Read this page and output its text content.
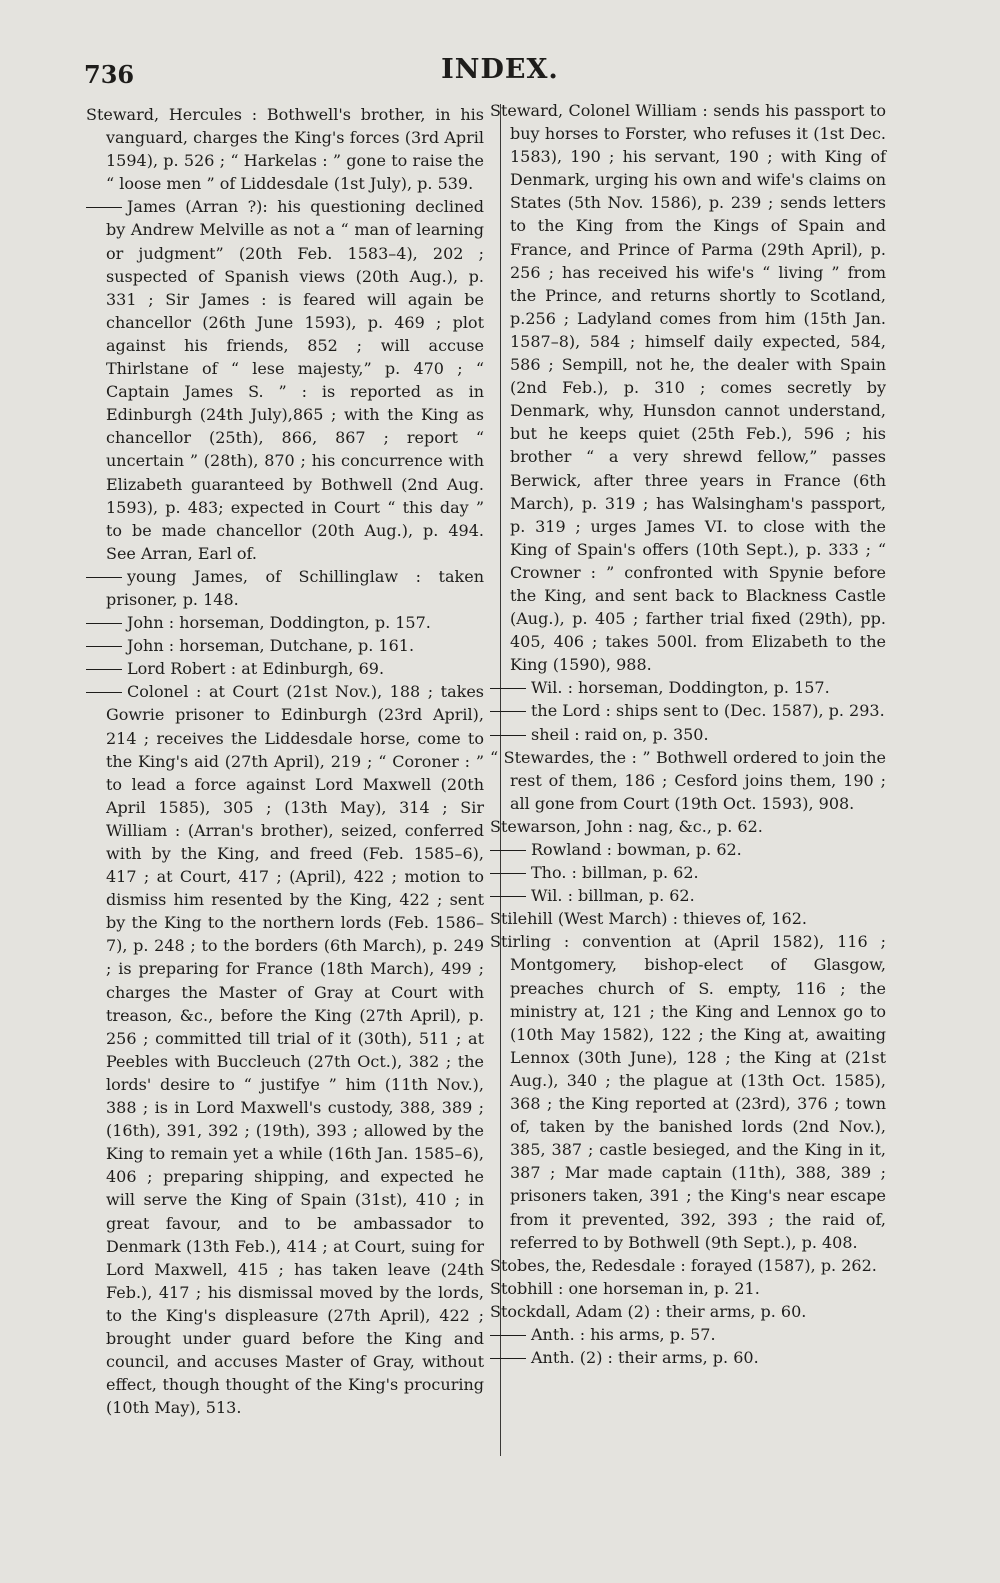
736	INDEX.

Steward, Hercules : Bothwell's brother, in his vanguard, charges the King's forces (3rd April 1594), p. 526 ; “ Harkelas : ” gone to raise the “ loose men ” of Liddesdale (1st July), p. 539.

James (Arran ?): his questioning declined by Andrew Melville as not a “ man of learning or judgment” (20th Feb. 1583–4), 202 ; suspected of Spanish views (20th Aug.), p. 331 ; Sir James : is feared will again be chancellor (26th June 1593), p. 469 ; plot against his friends, 852 ; will accuse Thirlstane of “ lese majesty,” p. 470 ; “ Captain James S. ” : is reported as in Edinburgh (24th July),865 ; with the King as chancellor (25th), 866, 867 ; report “ uncertain ” (28th), 870 ; his concurrence with Elizabeth guaranteed by Bothwell (2nd Aug. 1593), p. 483; expected in Court “ this day ” to be made chancellor (20th Aug.), p. 494. See Arran, Earl of.

young James, of Schillinglaw : taken prisoner, p. 148.

John : horseman, Doddington, p. 157.

John : horseman, Dutchane, p. 161.

Lord Robert : at Edinburgh, 69.

Colonel : at Court (21st Nov.), 188 ; takes Gowrie prisoner to Edinburgh (23rd April), 214 ; receives the Liddesdale horse, come to the King's aid (27th April), 219 ; “ Coroner : ” to lead a force against Lord Maxwell (20th April 1585), 305 ; (13th May), 314 ; Sir William : (Arran's brother), seized, conferred with by the King, and freed (Feb. 1585–6), 417 ; at Court, 417 ; (April), 422 ; motion to dismiss him resented by the King, 422 ; sent by the King to the northern lords (Feb. 1586–7), p. 248 ; to the borders (6th March), p. 249 ; is preparing for France (18th March), 499 ; charges the Master of Gray at Court with treason, &c., before the King (27th April), p. 256 ; committed till trial of it (30th), 511 ; at Peebles with Buccleuch (27th Oct.), 382 ; the lords' desire to “ justifye ” him (11th Nov.), 388 ; is in Lord Maxwell's custody, 388, 389 ; (16th), 391, 392 ; (19th), 393 ; allowed by the King to remain yet a while (16th Jan. 1585–6), 406 ; preparing shipping, and expected he will serve the King of Spain (31st), 410 ; in great favour, and to be ambassador to Denmark (13th Feb.), 414 ; at Court, suing for Lord Maxwell, 415 ; has taken leave (24th Feb.), 417 ; his dismissal moved by the lords, to the King's displeasure (27th April), 422 ; brought under guard before the King and council, and accuses Master of Gray, without effect, though thought of the King's procuring (10th May), 513.

Steward, Colonel William : sends his passport to buy horses to Forster, who refuses it (1st Dec. 1583), 190 ; his servant, 190 ; with King of Denmark, urging his own and wife's claims on States (5th Nov. 1586), p. 239 ; sends letters to the King from the Kings of Spain and France, and Prince of Parma (29th April), p. 256 ; has received his wife's “ living ” from the Prince, and returns shortly to Scotland, p.256 ; Ladyland comes from him (15th Jan. 1587–8), 584 ; himself daily expected, 584, 586 ; Sempill, not he, the dealer with Spain (2nd Feb.), p. 310 ; comes secretly by Denmark, why, Hunsdon cannot understand, but he keeps quiet (25th Feb.), 596 ; his brother “ a very shrewd fellow,” passes Berwick, after three years in France (6th March), p. 319 ; has Walsingham's passport, p. 319 ; urges James VI. to close with the King of Spain's offers (10th Sept.), p. 333 ; “ Crowner : ” confronted with Spynie before the King, and sent back to Blackness Castle (Aug.), p. 405 ; farther trial fixed (29th), pp. 405, 406 ; takes 500l. from Elizabeth to the King (1590), 988.

Wil. : horseman, Doddington, p. 157.

the Lord : ships sent to (Dec. 1587), p. 293.

sheil : raid on, p. 350.

“ Stewardes, the : ” Bothwell ordered to join the rest of them, 186 ; Cesford joins them, 190 ; all gone from Court (19th Oct. 1593), 908.

Stewarson, John : nag, &c., p. 62.

Rowland : bowman, p. 62.

Tho. : billman, p. 62.

Wil. : billman, p. 62.

Stilehill (West March) : thieves of, 162.

Stirling : convention at (April 1582), 116 ; Montgomery, bishop-elect of Glasgow, preaches church of S. empty, 116 ; the ministry at, 121 ; the King and Lennox go to (10th May 1582), 122 ; the King at, awaiting Lennox (30th June), 128 ; the King at (21st Aug.), 340 ; the plague at (13th Oct. 1585), 368 ; the King reported at (23rd), 376 ; town of, taken by the banished lords (2nd Nov.), 385, 387 ; castle besieged, and the King in it, 387 ; Mar made captain (11th), 388, 389 ; prisoners taken, 391 ; the King's near escape from it prevented, 392, 393 ; the raid of, referred to by Bothwell (9th Sept.), p. 408.

Stobes, the, Redesdale : forayed (1587), p. 262.

Stobhill : one horseman in, p. 21.

Stockdall, Adam (2) : their arms, p. 60.

Anth. : his arms, p. 57.

Anth. (2) : their arms, p. 60.
